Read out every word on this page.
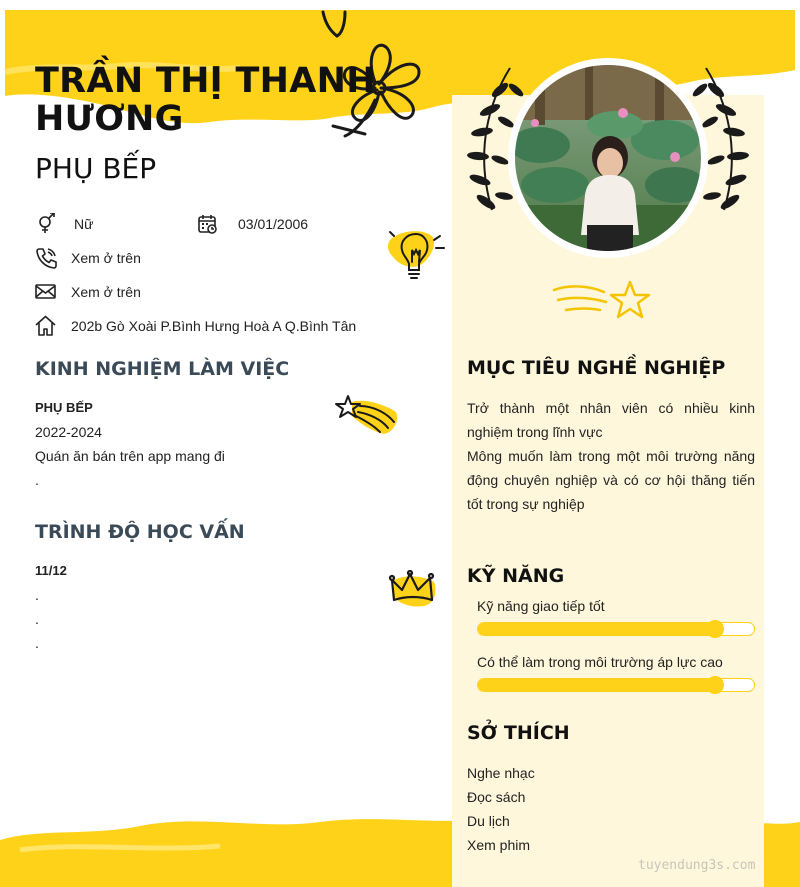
TRẦN THỊ THANH
HƯƠNG
PHỤ BẾP
Nữ	03/01/2006
Xem ở trên
Xem ở trên
202b Gò Xoài P.Bình Hưng Hoà A Q.Bình Tân
KINH NGHIỆM LÀM VIỆC
PHỤ BẾP
2022-2024
Quán ăn bán trên app mang đi
.
TRÌNH ĐỘ HỌC VẤN
11/12
.
.
.
MỤC TIÊU NGHỀ NGHIỆP
Trở thành một nhân viên có nhiều kinh nghiệm trong lĩnh vực
Mông muốn làm trong một môi trường năng động chuyên nghiệp và có cơ hội thăng tiến tốt trong sự nghiệp
KỸ NĂNG
Kỹ năng giao tiếp tốt
Có thể làm trong môi trường áp lực cao
SỞ THÍCH
Nghe nhạc
Đọc sách
Du lịch
Xem phim
tuyendung3s.com
